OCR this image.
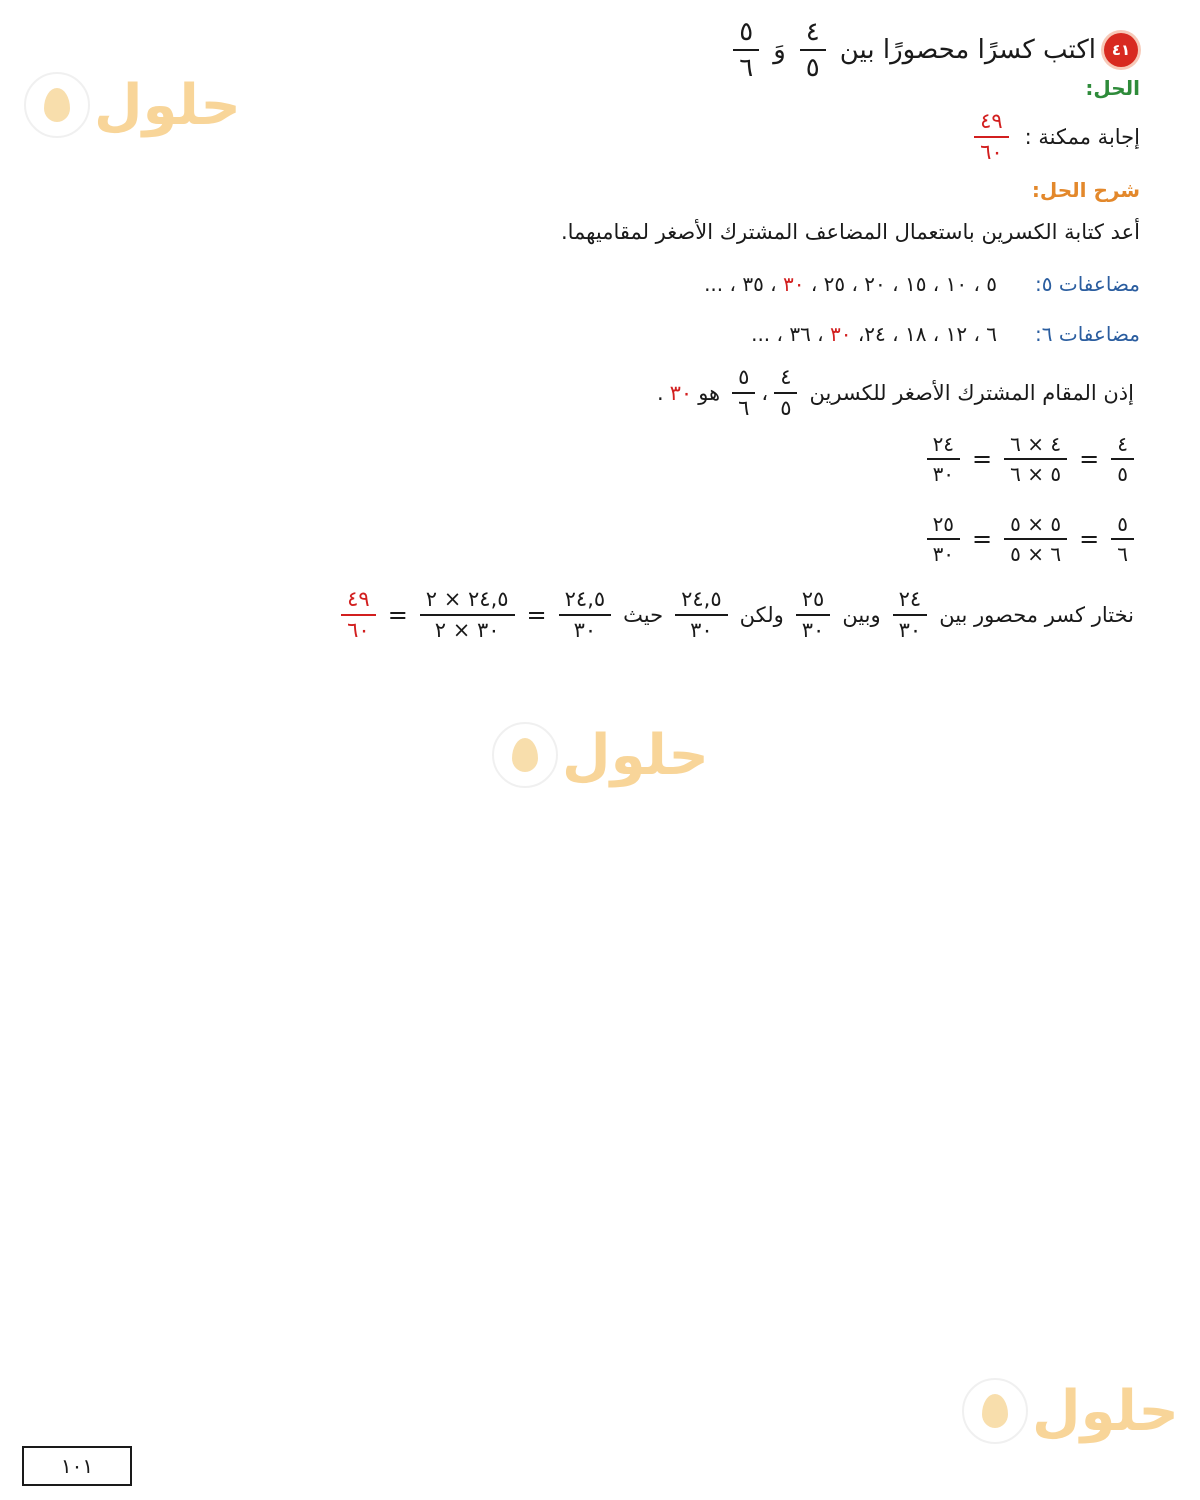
٤١
اكتب كسرًا محصورًا بين
$\frac{٤}{٥}$
وَ
$\frac{٥}{٦}$
الحل:
إجابة ممكنة :
$\frac{٤٩}{٦٠}$
شرح الحل:
أعد كتابة الكسرين باستعمال المضاعف المشترك الأصغر لمقاميهما.
مضاعفات ٥:
٥ ، ١٠ ، ١٥ ، ٢٠ ، ٢٥ ، ٣٠ ، ٣٥ ، ...
مضاعفات ٦:
٦ ، ١٢ ، ١٨ ، ٢٤، ٣٠ ، ٣٦ ، ...
إذن المقام المشترك الأصغر للكسرين
$\frac{٤}{٥}$
،
$\frac{٥}{٦}$
هو
٣٠
.
$\frac{٤}{٥}$
=
$\frac{٤ \times ٦}{٥ \times ٦}$
=
$\frac{٢٤}{٣٠}$
$\frac{٥}{٦}$
=
$\frac{٥ \times ٥}{٦ \times ٥}$
=
$\frac{٢٥}{٣٠}$
نختار كسر محصور بين
$\frac{٢٤}{٣٠}$
وبين
$\frac{٢٥}{٣٠}$
ولكن
$\frac{٢٤,٥}{٣٠}$
حيث
$\frac{٢٤,٥}{٣٠}$
=
$\frac{٢٤,٥ \times ٢}{٣٠ \times ٢}$
=
$\frac{٤٩}{٦٠}$
حلول
حلول
حلول
١٠١
